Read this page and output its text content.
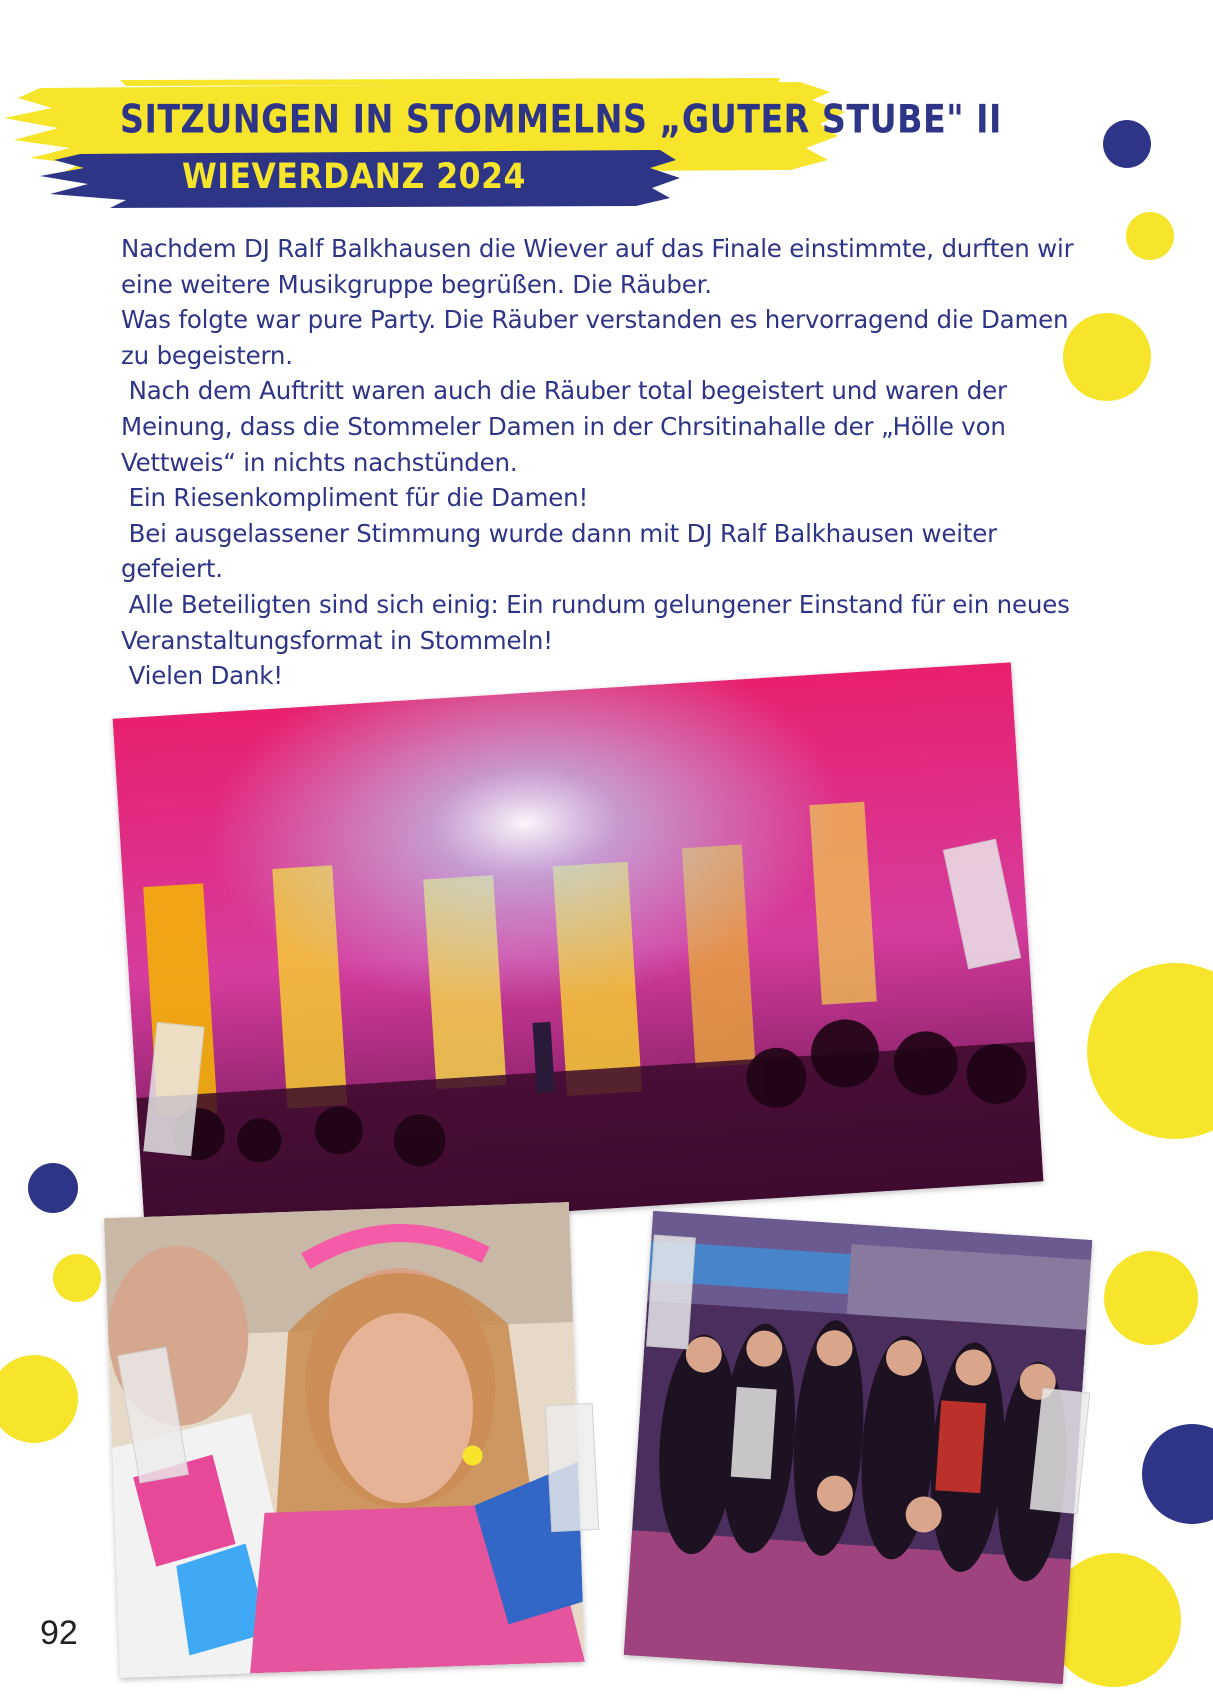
SITZUNGEN IN STOMMELNS „GUTER STUBE" II
WIEVERDANZ 2024

Nachdem DJ Ralf Balkhausen die Wiever auf das Finale einstimmte, durften wir eine weitere Musikgruppe begrüßen. Die Räuber.

Was folgte war pure Party. Die Räuber verstanden es hervorragend die Damen zu begeistern.

Nach dem Auftritt waren auch die Räuber total begeistert und waren der Meinung, dass die Stommeler Damen in der Chrsitinahalle der „Hölle von Vettweis“ in nichts nachstünden.

Ein Riesenkompliment für die Damen!

Bei ausgelassener Stimmung wurde dann mit DJ Ralf Balkhausen weiter gefeiert.

Alle Beteiligten sind sich einig: Ein rundum gelungener Einstand für ein neues Veranstaltungsformat in Stommeln!

Vielen Dank!

92
